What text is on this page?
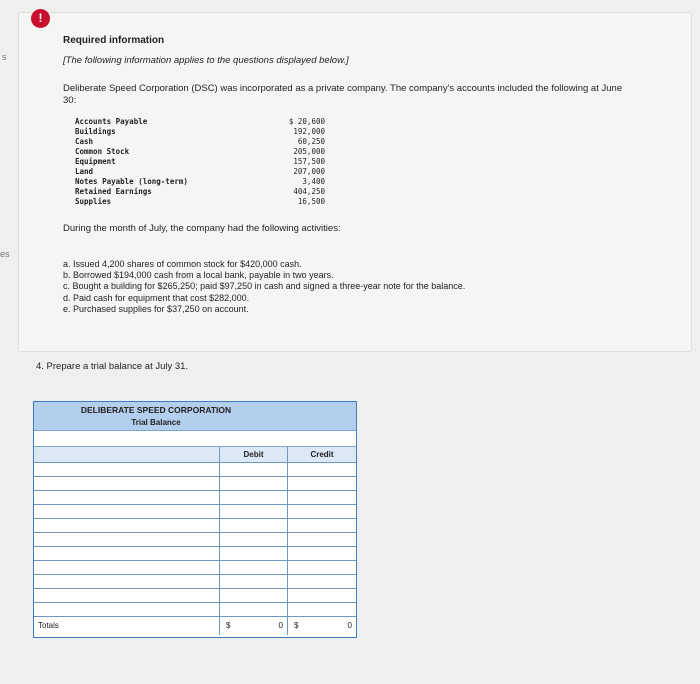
s
es
!
Required information
[The following information applies to the questions displayed below.]
Deliberate Speed Corporation (DSC) was incorporated as a private company. The company's accounts included the following at June 30:
Accounts Payable	$ 20,600
Buildings	192,000
Cash	60,250
Common Stock	205,000
Equipment	157,500
Land	207,000
Notes Payable (long-term)	3,400
Retained Earnings	404,250
Supplies	16,500
During the month of July, the company had the following activities:
a. Issued 4,200 shares of common stock for $420,000 cash.
b. Borrowed $194,000 cash from a local bank, payable in two years.
c. Bought a building for $265,250; paid $97,250 in cash and signed a three-year note for the balance.
d. Paid cash for equipment that cost $282,000.
e. Purchased supplies for $37,250 on account.
4. Prepare a trial balance at July 31.
DELIBERATE SPEED CORPORATION
Trial Balance
Debit	Credit
Totals	$	0	$	0
